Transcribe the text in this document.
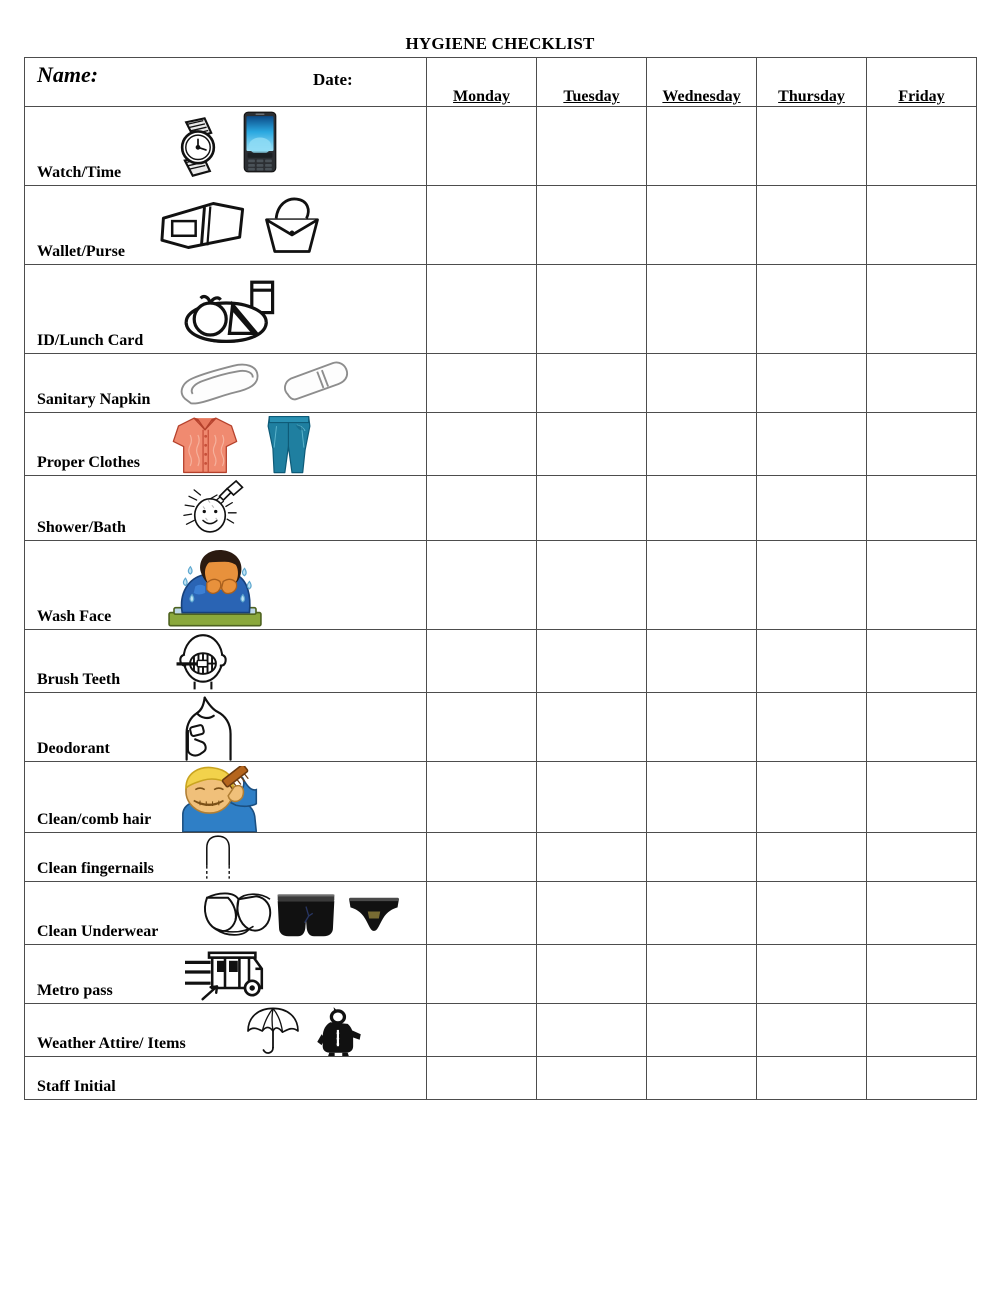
HYGIENE CHECKLIST
Name: Date:	Monday	Tuesday	Wednesday	Thursday	Friday

Watch/Time					

Wallet/Purse					

ID/Lunch Card					

Sanitary Napkin					

Proper Clothes					

Shower/Bath					

Wash Face					

Brush Teeth					

Deodorant					

Clean/comb hair					

Clean fingernails					

Clean Underwear					

Metro pass					

Weather Attire/ Items					

Staff Initial					
